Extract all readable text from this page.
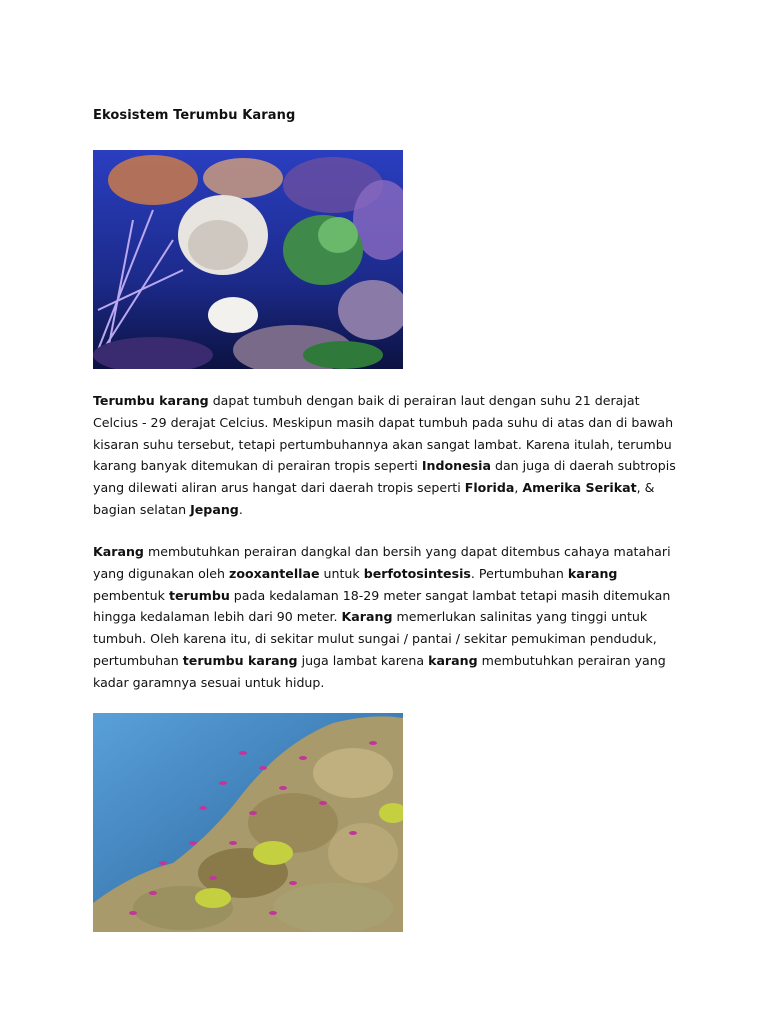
Ekosistem Terumbu Karang

Terumbu karang dapat tumbuh dengan baik di perairan laut dengan suhu 21 derajat Celcius - 29 derajat Celcius. Meskipun masih dapat tumbuh pada suhu di atas dan di bawah kisaran suhu tersebut, tetapi pertumbuhannya akan sangat lambat. Karena itulah, terumbu karang banyak ditemukan di perairan tropis seperti Indonesia dan juga di daerah subtropis yang dilewati aliran arus hangat dari daerah tropis seperti Florida, Amerika Serikat, & bagian selatan Jepang.

Karang membutuhkan perairan dangkal dan bersih yang dapat ditembus cahaya matahari yang digunakan oleh zooxantellae untuk berfotosintesis. Pertumbuhan karang pembentuk terumbu pada kedalaman 18-29 meter sangat lambat tetapi masih ditemukan hingga kedalaman lebih dari 90 meter. Karang memerlukan salinitas yang tinggi untuk tumbuh. Oleh karena itu, di sekitar mulut sungai / pantai / sekitar pemukiman penduduk, pertumbuhan terumbu karang juga lambat karena karang membutuhkan perairan yang kadar garamnya sesuai untuk hidup.
